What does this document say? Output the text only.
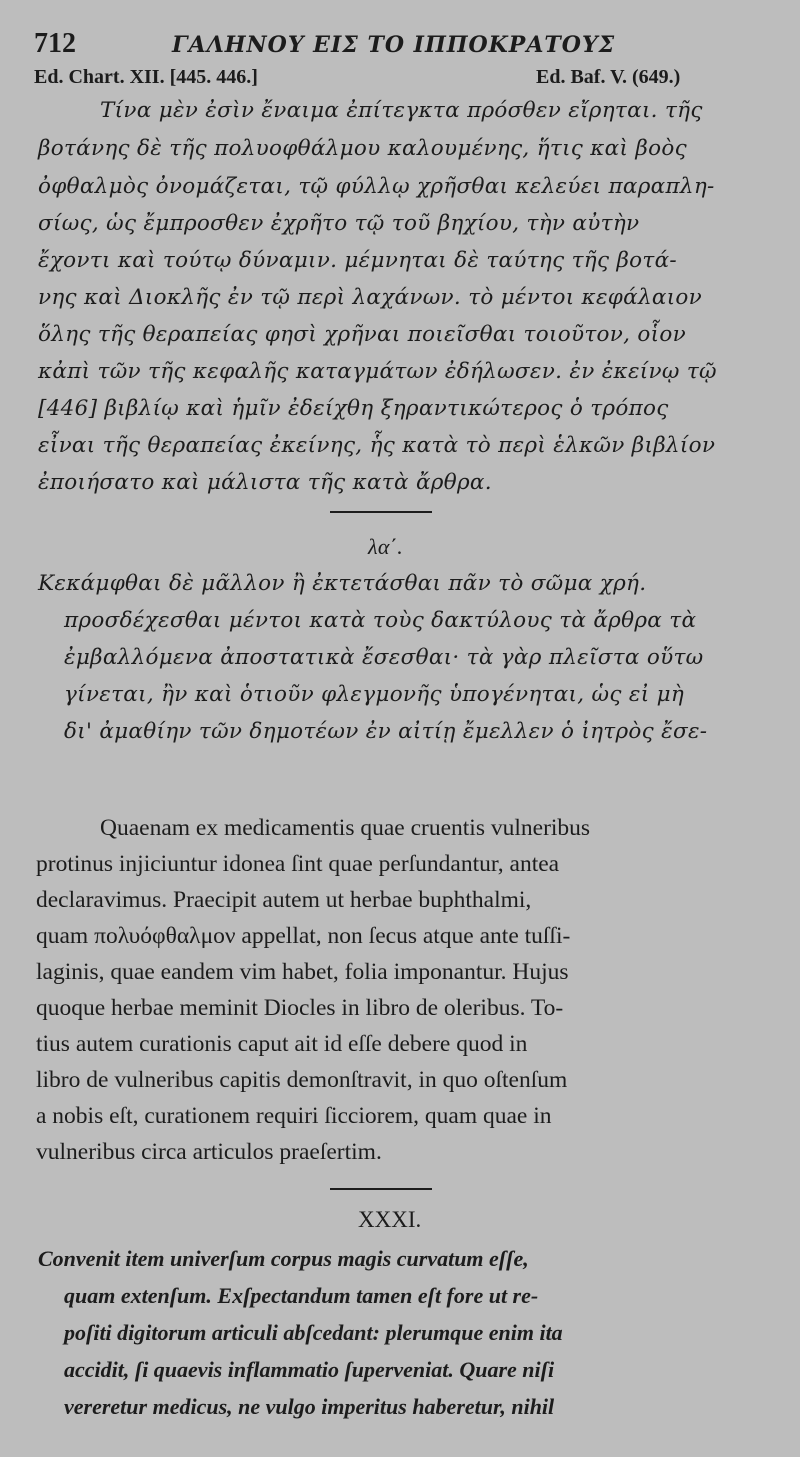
712	ΓΑΛΗΝΟΥ ΕΙΣ ΤΟ ΙΠΠΟΚΡΑΤΟΥΣ
Ed. Chart. XII. [445. 446.]	Ed. Baf. V. (649.)
Τίνα μὲν ἐσὶν ἔναιμα ἐπίτεγκτα πρόσθεν εἴρηται. τῆς
βοτάνης δὲ τῆς πολυοφθάλμου καλουμένης, ἥτις καὶ βοὸς
ὀφθαλμὸς ὀνομάζεται, τῷ φύλλῳ χρῆσθαι κελεύει παραπλη-
σίως, ὡς ἔμπροσθεν ἐχρῆτο τῷ τοῦ βηχίου, τὴν αὐτὴν
ἔχοντι καὶ τούτῳ δύναμιν. μέμνηται δὲ ταύτης τῆς βοτά-
νης καὶ Διοκλῆς ἐν τῷ περὶ λαχάνων. τὸ μέντοι κεφάλαιον
ὅλης τῆς θεραπείας φησὶ χρῆναι ποιεῖσθαι τοιοῦτον, οἷον
κἀπὶ τῶν τῆς κεφαλῆς καταγμάτων ἐδήλωσεν. ἐν ἐκείνῳ τῷ
[446] βιβλίῳ καὶ ἡμῖν ἐδείχθη ξηραντικώτερος ὁ τρόπος
εἶναι τῆς θεραπείας ἐκείνης, ἧς κατὰ τὸ περὶ ἑλκῶν βιβλίον
ἐποιήσατο καὶ μάλιστα τῆς κατὰ ἄρθρα.
λα΄.
Κεκάμφθαι δὲ μᾶλλον ἢ ἐκτετάσθαι πᾶν τὸ σῶμα χρή.
προσδέχεσθαι μέντοι κατὰ τοὺς δακτύλους τὰ ἄρθρα τὰ
ἐμβαλλόμενα ἀποστατικὰ ἔσεσθαι· τὰ γὰρ πλεῖστα οὕτω
γίνεται, ἢν καὶ ὁτιοῦν φλεγμονῆς ὑπογένηται, ὡς εἰ μὴ
δι' ἀμαθίην τῶν δημοτέων ἐν αἰτίῃ ἔμελλεν ὁ ἰητρὸς ἔσε-
Quaenam ex medicamentis quae cruentis vulneribus
protinus injiciuntur idonea ſint quae perſundantur, antea
declaravimus. Praecipit autem ut herbae buphthalmi,
quam πολυόφθαλμον appellat, non ſecus atque ante tuſſi-
laginis, quae eandem vim habet, folia imponantur. Hujus
quoque herbae meminit Diocles in libro de oleribus. To-
tius autem curationis caput ait id eſſe debere quod in
libro de vulneribus capitis demonſtravit, in quo oſtenſum
a nobis eſt, curationem requiri ſicciorem, quam quae in
vulneribus circa articulos praeſertim.
XXXI.
Convenit item univerſum corpus magis curvatum eſſe,
quam extenſum. Exſpectandum tamen eſt fore ut re-
poſiti digitorum articuli abſcedant: plerumque enim ita
accidit, ſi quaevis inflammatio ſuperveniat. Quare niſi
vereretur medicus, ne vulgo imperitus haberetur, nihil
